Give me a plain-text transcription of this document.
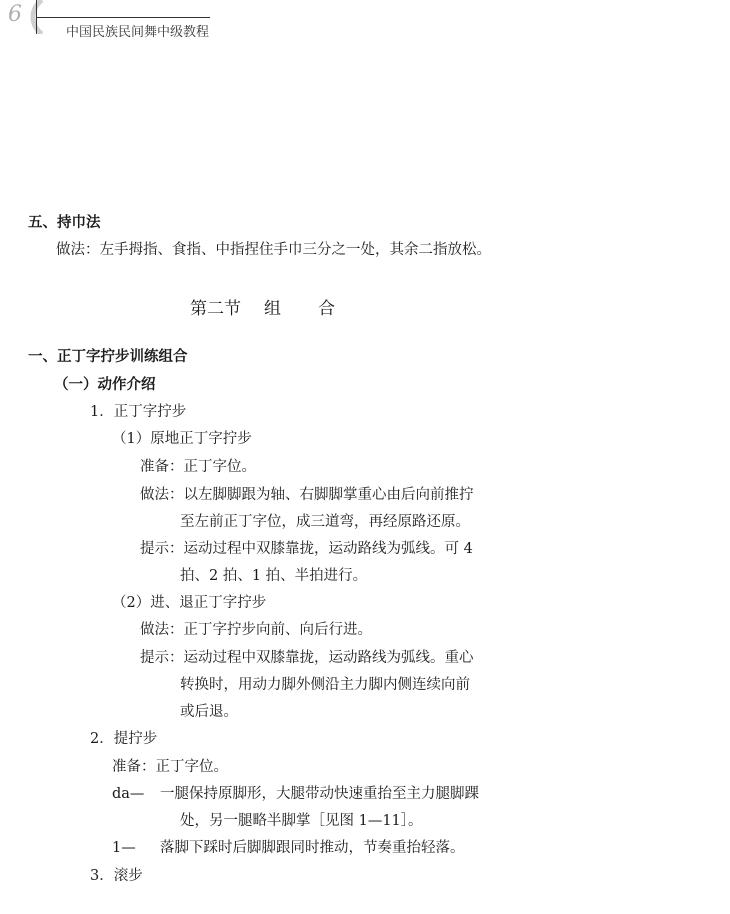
6
中国民族民间舞中级教程
五、持巾法
做法：左手拇指、食指、中指捏住手巾三分之一处，其余二指放松。
第二节 组 合
一、正丁字拧步训练组合
（一）动作介绍
1．正丁字拧步
（1）原地正丁字拧步
准备：正丁字位。
做法：以左脚脚跟为轴、右脚脚掌重心由后向前推拧
至左前正丁字位，成三道弯，再经原路还原。
提示：运动过程中双膝靠拢，运动路线为弧线。可 4
拍、2 拍、1 拍、半拍进行。
（2）进、退正丁字拧步
做法：正丁字拧步向前、向后行进。
提示：运动过程中双膝靠拢，运动路线为弧线。重心
转换时，用动力脚外侧沿主力脚内侧连续向前
或后退。
2．提拧步
准备：正丁字位。
da— 一腿保持原脚形，大腿带动快速重抬至主力腿脚踝
处，另一腿略半脚掌［见图 1—11］。
1— 落脚下踩时后脚脚跟同时推动，节奏重抬轻落。
3．滚步
